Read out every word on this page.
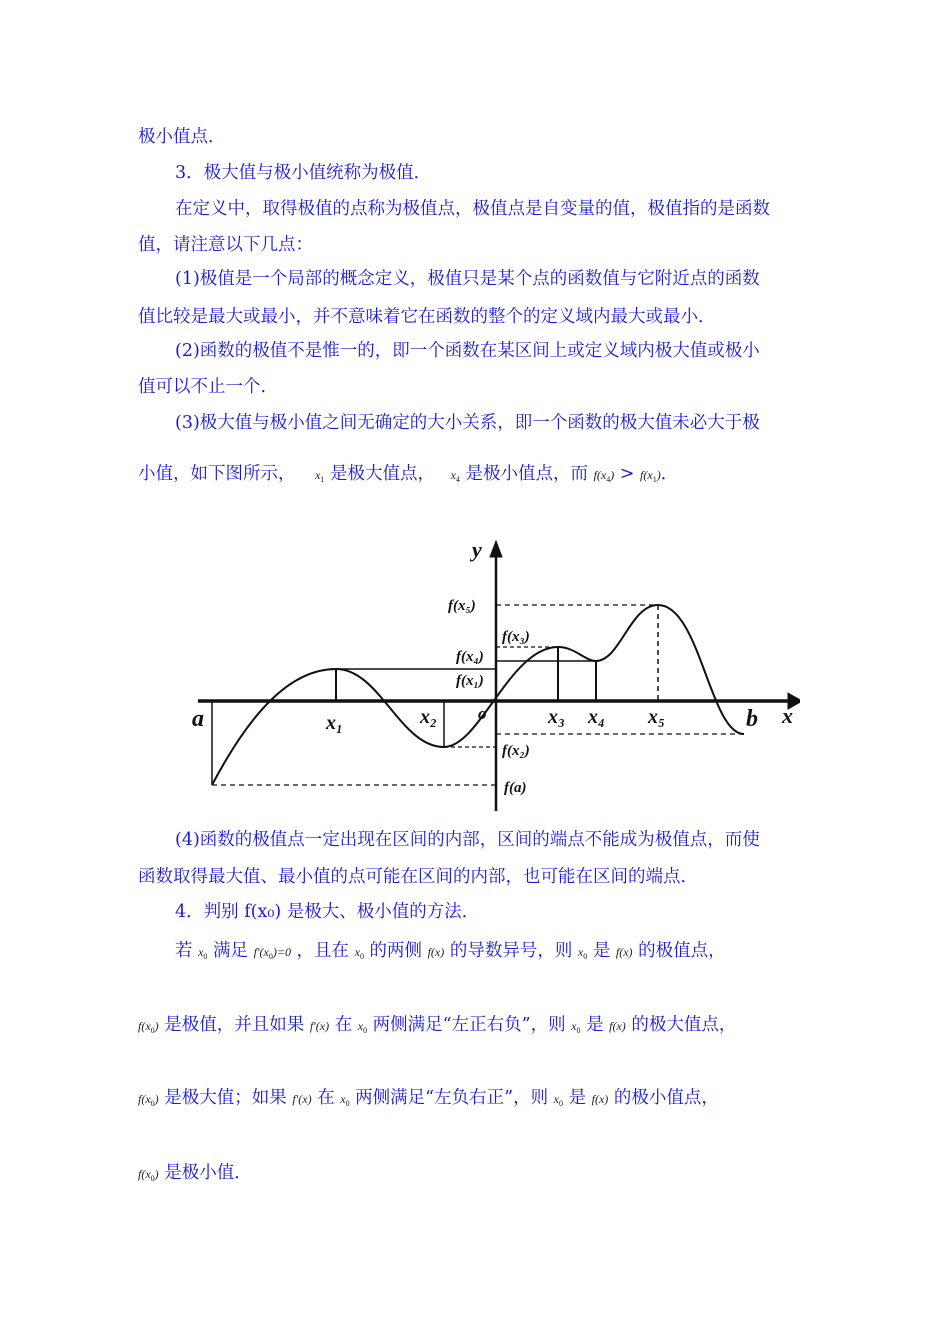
极小值点．
3．极大值与极小值统称为极值．
在定义中，取得极值的点称为极值点，极值点是自变量的值，极值指的是函数
值，请注意以下几点：
(1)极值是一个局部的概念定义，极值只是某个点的函数值与它附近点的函数
值比较是最大或最小，并不意味着它在函数的整个的定义域内最大或最小．
(2)函数的极值不是惟一的，即一个函数在某区间上或定义域内极大值或极小
值可以不止一个．
(3)极大值与极小值之间无确定的大小关系，即一个函数的极大值未必大于极
小值，如下图所示， $x_1$ 是极大值点， $x_4$ 是极小值点，而 $f(x_4) > f(x_1)$．
y
x
o
a	b
x₁	x₂	x₃ x₄ x₅
f(x₅)
f(x₃)
f(x₄)
f(x₁)
f(x₂)
f(a)
(4)函数的极值点一定出现在区间的内部，区间的端点不能成为极值点，而使
函数取得最大值、最小值的点可能在区间的内部，也可能在区间的端点．
4．判别 f(x₀) 是极大、极小值的方法．
若 $x_0$ 满足 $f'(x_0)=0$ ，且在 $x_0$ 的两侧 f(x) 的导数异号，则 $x_0$ 是 f(x) 的极值点，
$f(x_0)$ 是极值，并且如果 f′(x) 在 $x_0$ 两侧满足“左正右负”，则 $x_0$ 是 f(x) 的极大值点，
$f(x_0)$ 是极大值；如果 f′(x) 在 $x_0$ 两侧满足“左负右正”，则 $x_0$ 是 f(x) 的极小值点，
$f(x_0)$ 是极小值．
